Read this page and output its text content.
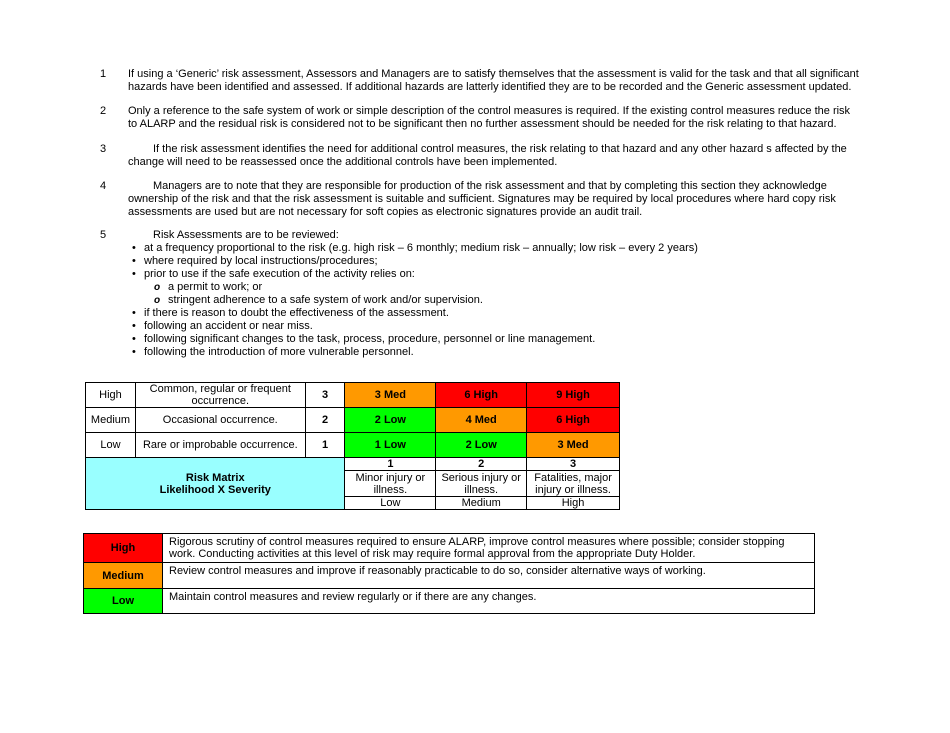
1	If using a ‘Generic’ risk assessment, Assessors and Managers are to satisfy themselves that the assessment is valid for the task and that all significant hazards have been identified and assessed. If additional hazards are latterly identified they are to be recorded and the Generic assessment updated.
2	Only a reference to the safe system of work or simple description of the control measures is required. If the existing control measures reduce the risk to ALARP and the residual risk is considered not to be significant then no further assessment should be needed for the risk relating to that hazard.
3	If the risk assessment identifies the need for additional control measures, the risk relating to that hazard and any other hazard s affected by the change will need to be reassessed once the additional controls have been implemented.
4	Managers are to note that they are responsible for production of the risk assessment and that by completing this section they acknowledge ownership of the risk and that the risk assessment is suitable and sufficient. Signatures may be required by local procedures where hard copy risk assessments are used but are not necessary for soft copies as electronic signatures provide an audit trail.
5	Risk Assessments are to be reviewed:
• at a frequency proportional to the risk (e.g. high risk – 6 monthly; medium risk – annually; low risk – every 2 years)
• where required by local instructions/procedures;
• prior to use if the safe execution of the activity relies on:
o a permit to work; or
o stringent adherence to a safe system of work and/or supervision.
• if there is reason to doubt the effectiveness of the assessment.
• following an accident or near miss.
• following significant changes to the task, process, procedure, personnel or line management.
• following the introduction of more vulnerable personnel.
High	Common, regular or frequent occurrence.	3	3 Med	6 High	9 High
Medium	Occasional occurrence.	2	2 Low	4 Med	6 High
Low	Rare or improbable occurrence.	1	1 Low	2 Low	3 Med
Risk Matrix
Likelihood X Severity			1	2	3
			Minor injury or illness.	Serious injury or illness.	Fatalities, major injury or illness.
			Low	Medium	High
High	Rigorous scrutiny of control measures required to ensure ALARP, improve control measures where possible; consider stopping work. Conducting activities at this level of risk may require formal approval from the appropriate Duty Holder.
Medium	Review control measures and improve if reasonably practicable to do so, consider alternative ways of working.
Low	Maintain control measures and review regularly or if there are any changes.
